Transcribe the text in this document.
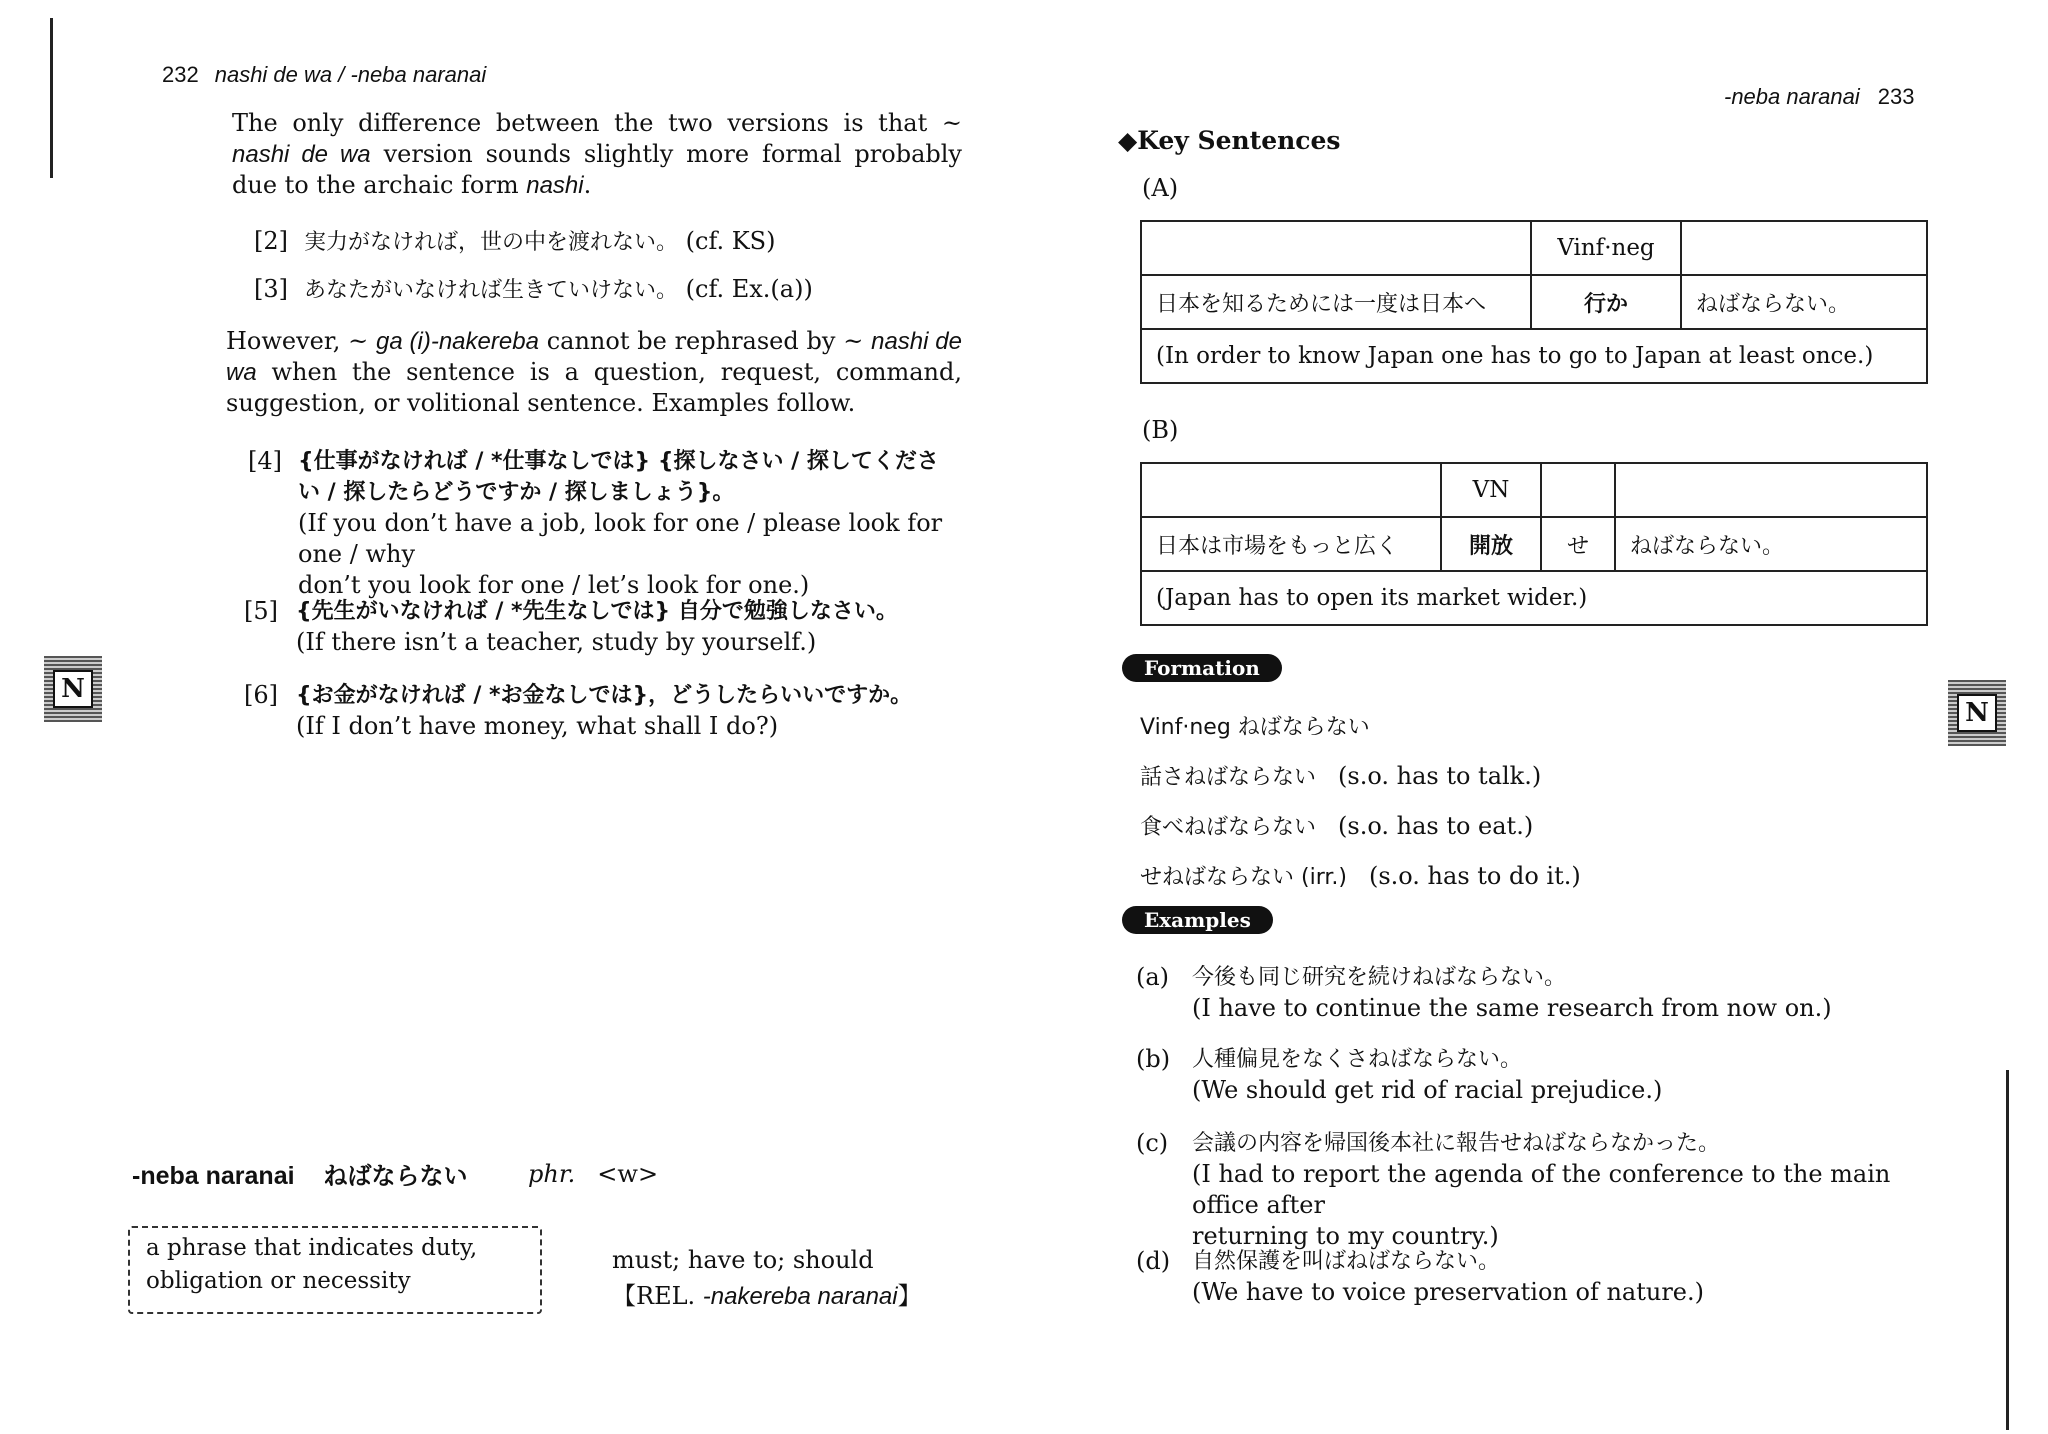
232 nashi de wa / -neba naranai
The only difference between the two versions is that ~ nashi de wa version sounds slightly more formal probably due to the archaic form nashi.
[2] 実力がなければ，世の中を渡れない。 (cf. KS)
[3] あなたがいなければ生きていけない。 (cf. Ex.(a))
However, ~ ga (i)-nakereba cannot be rephrased by ~ nashi de wa when the sentence is a question, request, command, suggestion, or volitional sentence. Examples follow.
[4] {仕事がなければ / *仕事なしでは} {探しなさい / 探してくださ
い / 探したらどうですか / 探しましょう}。
(If you don’t have a job, look for one / please look for one / why
don’t you look for one / let’s look for one.)
[5] {先生がいなければ / *先生なしでは} 自分で勉強しなさい。
(If there isn’t a teacher, study by yourself.)
[6] {お金がなければ / *お金なしでは}，どうしたらいいですか。
(If I don’t have money, what shall I do?)
N
-neba naranai ねばならない	phr. <w>
a phrase that indicates duty, obligation or necessity
must; have to; should
【REL. -nakereba naranai】
-neba naranai 233
◆Key Sentences
(A)
	Vinf·neg	
日本を知るためには一度は日本へ	行か	ねばならない。
(In order to know Japan one has to go to Japan at least once.)		
(B)
	VN		
日本は市場をもっと広く	開放	せ	ねばならない。
(Japan has to open its market wider.)			
Formation
Vinf·neg ねばならない
話さねばならない (s.o. has to talk.)
食べねばならない (s.o. has to eat.)
せねばならない (irr.) (s.o. has to do it.)
Examples
(a) 今後も同じ研究を続けねばならない。
(I have to continue the same research from now on.)
(b) 人種偏見をなくさねばならない。
(We should get rid of racial prejudice.)
(c) 会議の内容を帰国後本社に報告せねばならなかった。
(I had to report the agenda of the conference to the main office after
returning to my country.)
(d) 自然保護を叫ばねばならない。
(We have to voice preservation of nature.)
N
